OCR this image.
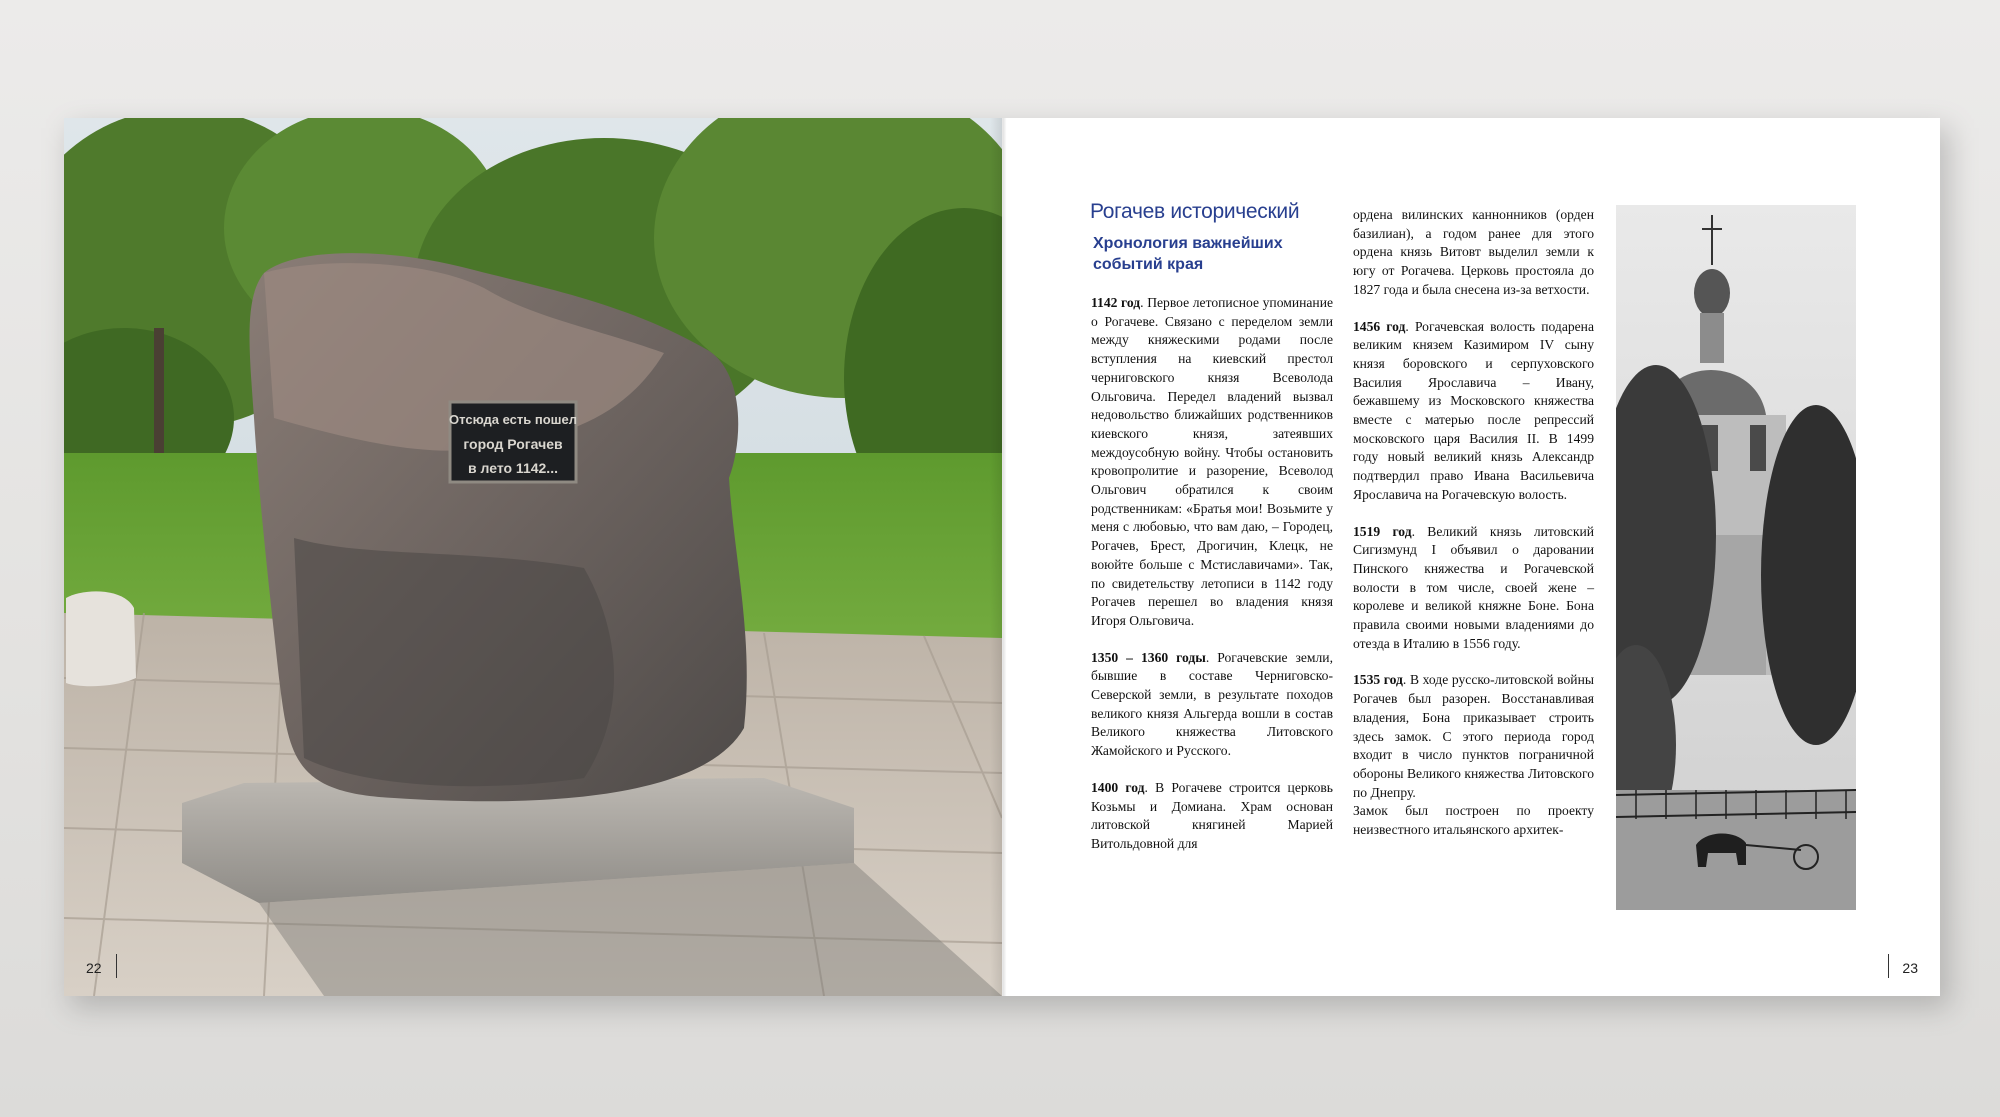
Отсюда есть пошел
город Рогачев
в лето 1142...
22
Рогачев исторический
Хронология важнейших событий края

1142 год. Первое летописное упоминание о Рогачеве. Связано с переделом земли между княжескими родами после вступления на киевский престол черниговского князя Всеволода Ольговича. Передел владений вызвал недовольство ближайших родственников киевского князя, затеявших междоусобную войну. Чтобы остановить кровопролитие и разорение, Всеволод Ольгович обратился к своим родственникам: «Братья мои! Возьмите у меня с любовью, что вам даю, – Городец, Рогачев, Брест, Дрогичин, Клецк, не воюйте больше с Мстиславичами». Так, по свидетельству летописи в 1142 году Рогачев перешел во владения князя Игоря Ольговича.

1350 – 1360 годы. Рогачевские земли, бывшие в составе Черниговско-Северской земли, в результате походов великого князя Альгерда вошли в состав Великого княжества Литовского Жамойского и Русского.

1400 год. В Рогачеве строится церковь Козьмы и Домиана. Храм основан литовской княгиней Марией Витольдовной для

ордена вилинских каннонников (орден базилиан), а годом ранее для этого ордена князь Витовт выделил земли к югу от Рогачева. Церковь простояла до 1827 года и была снесена из-за ветхости.

1456 год. Рогачевская волость подарена великим князем Казимиром IV сыну князя боровского и серпуховского Василия Ярославича – Ивану, бежавшему из Московского княжества вместе с матерью после репрессий московского царя Василия II. В 1499 году новый великий князь Александр подтвердил право Ивана Васильевича Ярославича на Рогачевскую волость.

1519 год. Великий князь литовский Сигизмунд I объявил о даровании Пинского княжества и Рогачевской волости в том числе, своей жене – королеве и великой княжне Боне. Бона правила своими новыми владениями до отезда в Италию в 1556 году.

1535 год. В ходе русско-литовской войны Рогачев был разорен. Восстанавливая владения, Бона приказывает строить здесь замок. С этого периода город входит в число пунктов пограничной обороны Великого княжества Литовского по Днепру.

Замок был построен по проекту неизвестного итальянского архитек-

23
